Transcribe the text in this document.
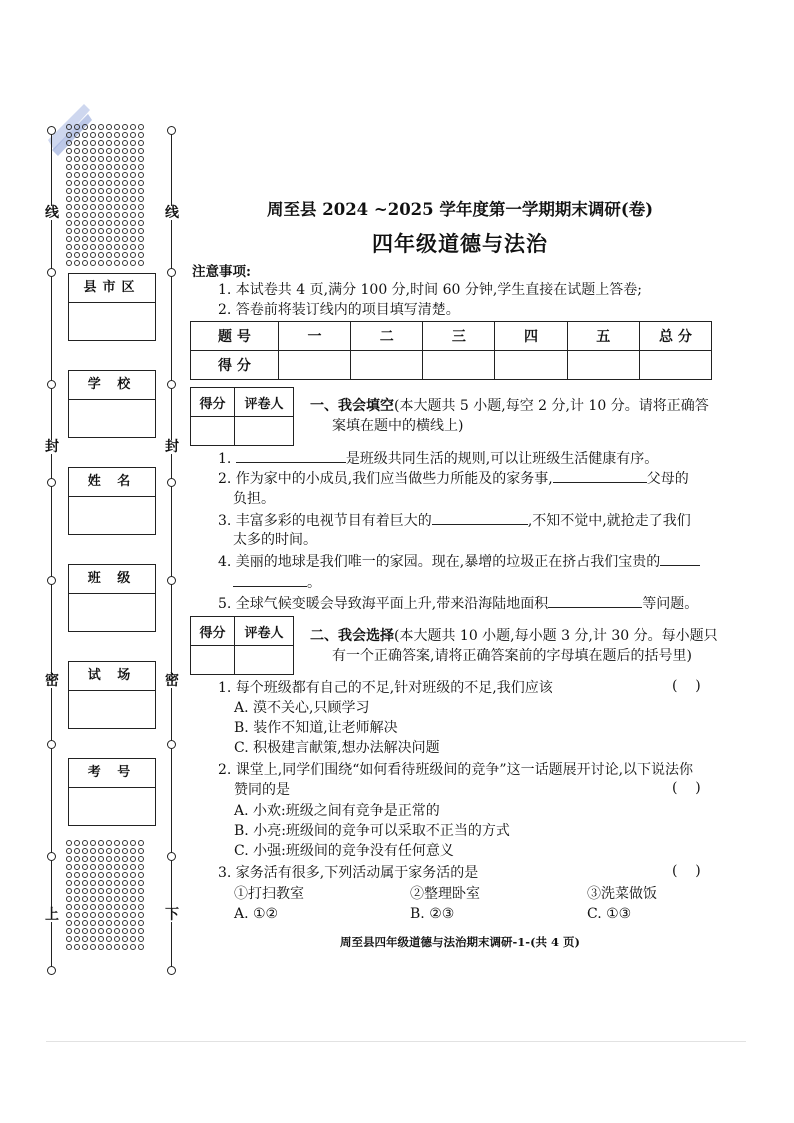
线
封
密
上
线
封
密
下
县市区
学 校
姓 名
班 级
试 场
考 号
周至县 2024 ~2025 学年度第一学期期末调研(卷)
四年级道德与法治
注意事项:
1. 本试卷共 4 页,满分 100 分,时间 60 分钟,学生直接在试题上答卷;
2. 答卷前将装订线内的项目填写清楚。
题 号	一	二	三	四	五	总 分
得 分						
得分	评卷人
	一、我会填空(本大题共 5 小题,每空 2 分,计 10 分。请将正确答
案填在题中的横线上)
1.	是班级共同生活的规则,可以让班级生活健康有序。
2. 作为家中的小成员,我们应当做些力所能及的家务事,	父母的
负担。
3. 丰富多彩的电视节目有着巨大的	,不知不觉中,就抢走了我们
太多的时间。
4. 美丽的地球是我们唯一的家园。现在,暴增的垃圾正在挤占我们宝贵的
。
5. 全球气候变暖会导致海平面上升,带来沿海陆地面积	等问题。
得分	评卷人
	二、我会选择(本大题共 10 小题,每小题 3 分,计 30 分。每小题只
有一个正确答案,请将正确答案前的字母填在题后的括号里)
1. 每个班级都有自己的不足,针对班级的不足,我们应该	(    )
A. 漠不关心,只顾学习
B. 装作不知道,让老师解决
C. 积极建言献策,想办法解决问题
2. 课堂上,同学们围绕“如何看待班级间的竞争”这一话题展开讨论,以下说法你
赞同的是	(    )
A. 小欢:班级之间有竞争是正常的
B. 小亮:班级间的竞争可以采取不正当的方式
C. 小强:班级间的竞争没有任何意义
3. 家务活有很多,下列活动属于家务活的是	(    )
①打扫教室	②整理卧室	③洗菜做饭
A. ①②	B. ②③	C. ①③
周至县四年级道德与法治期末调研-1-(共 4 页)
